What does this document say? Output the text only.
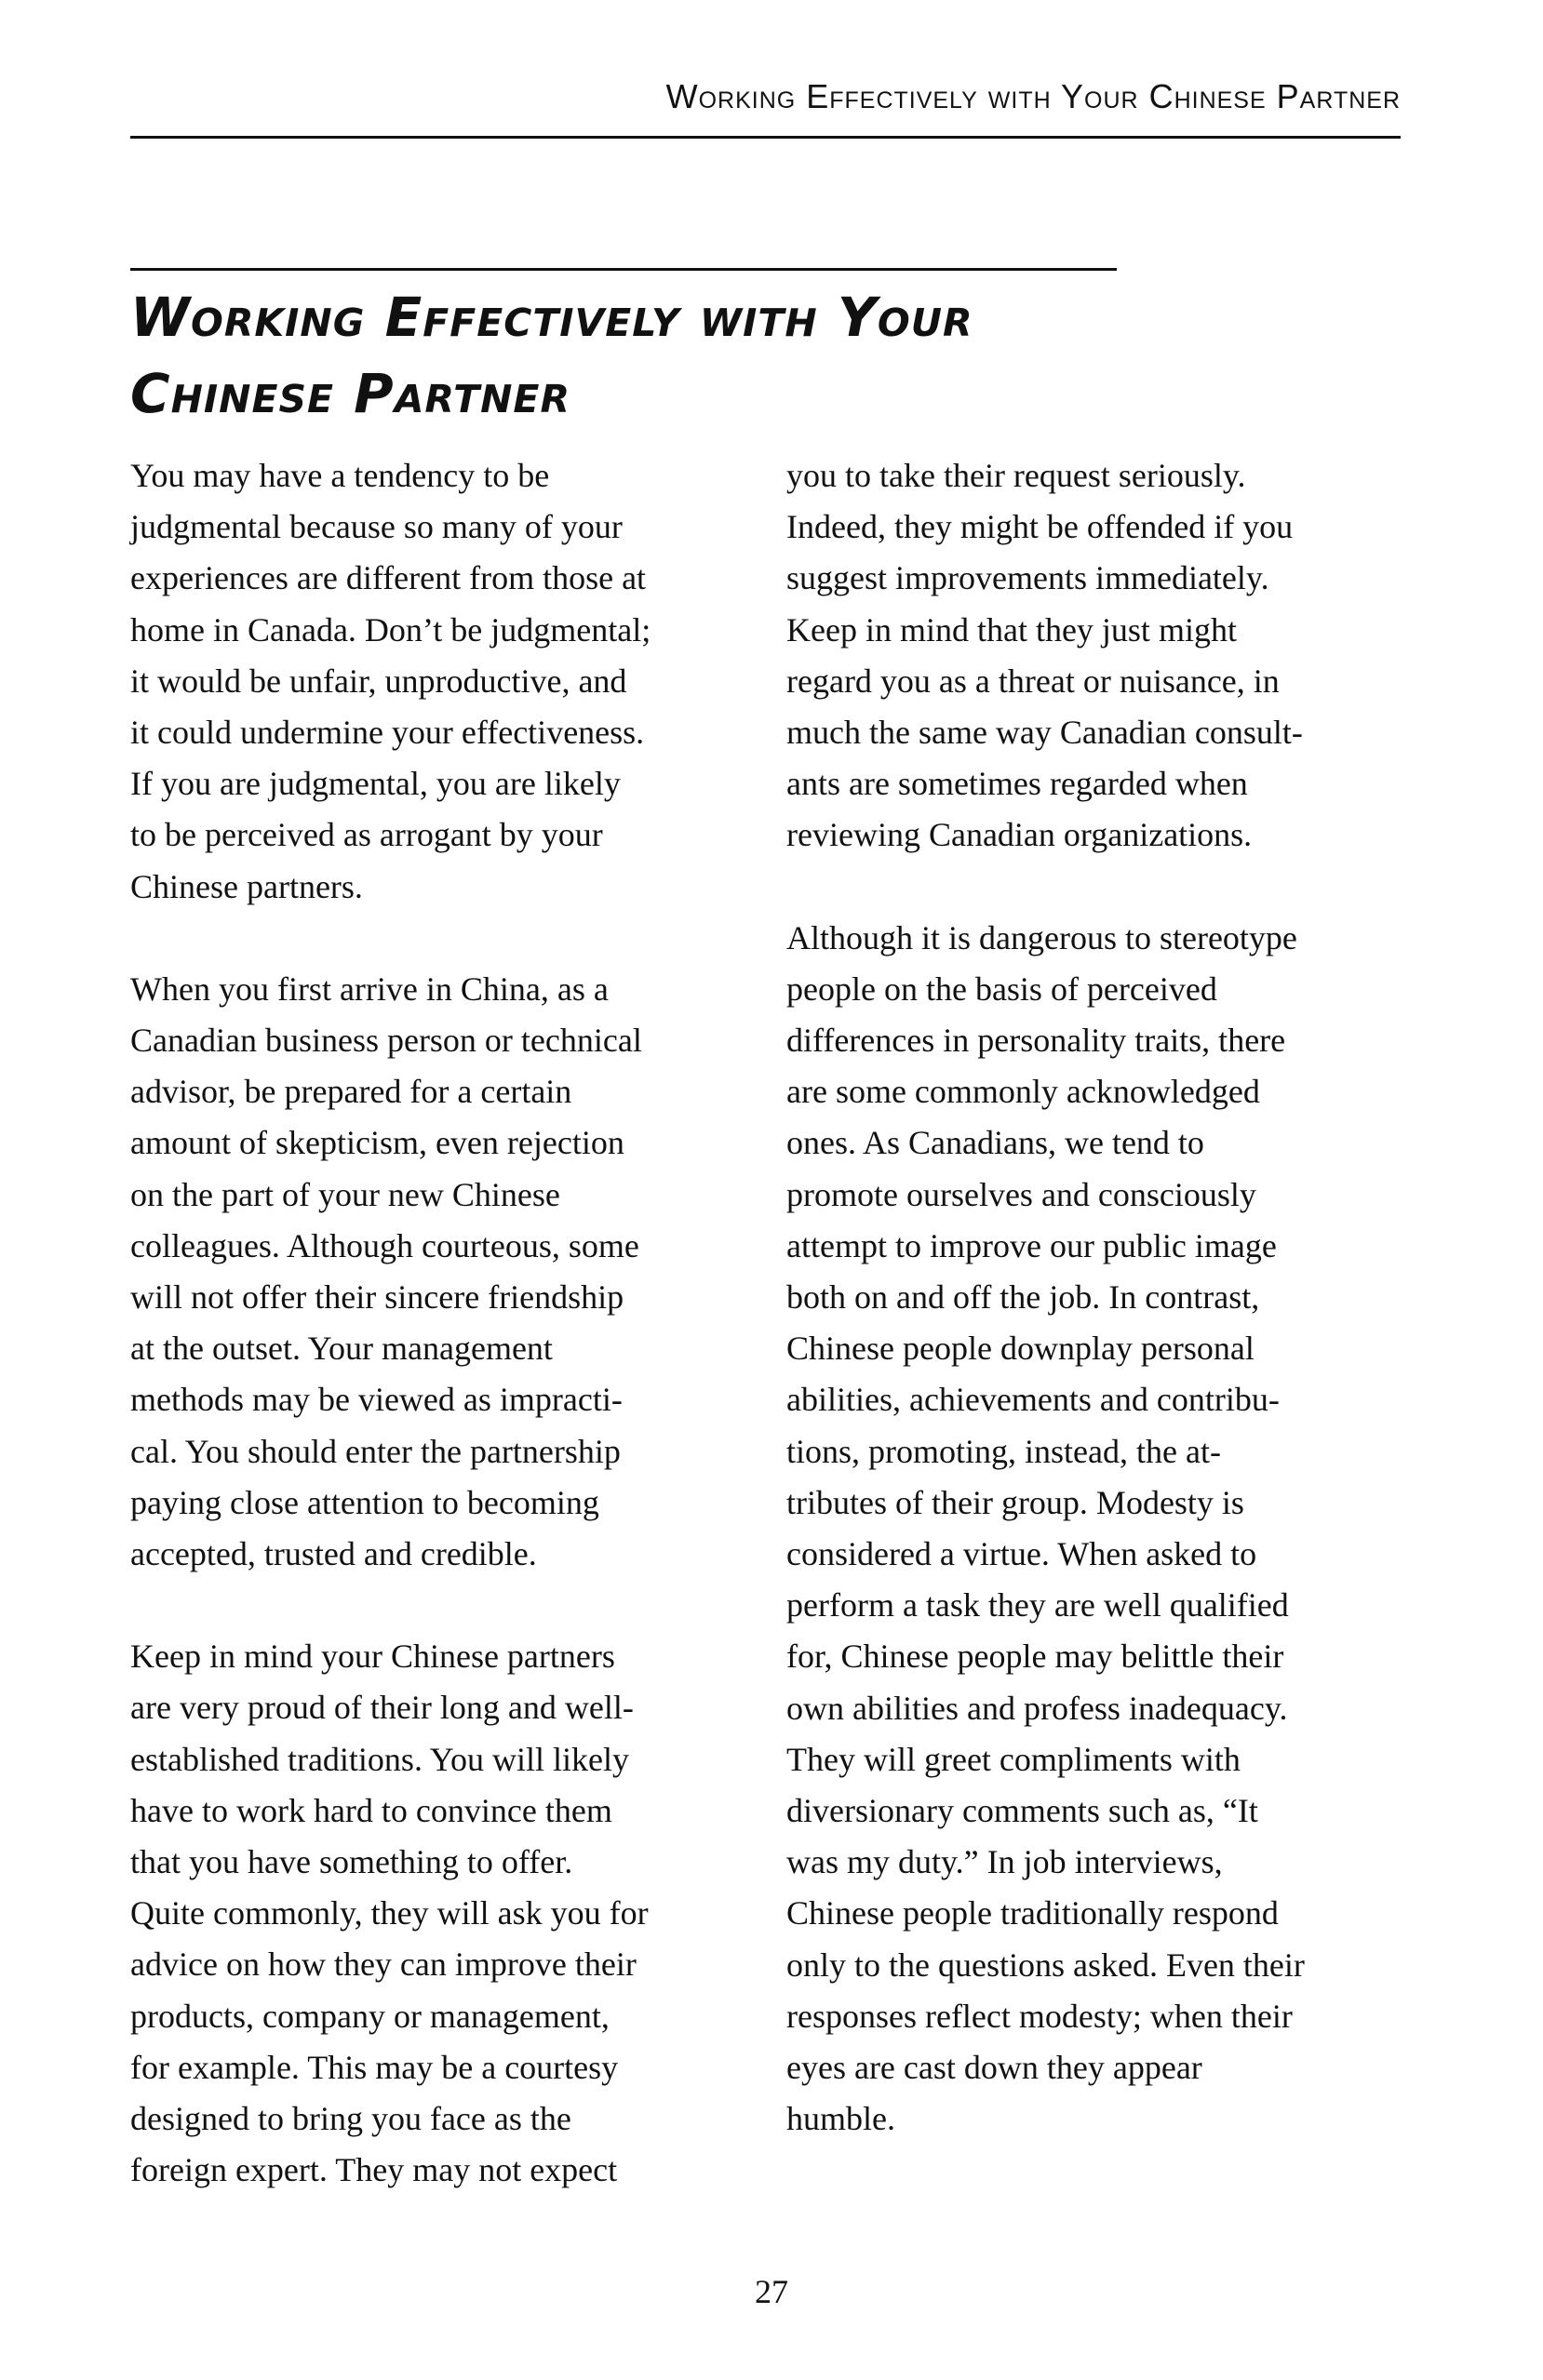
Working Effectively with Your Chinese Partner
Working Effectively with Your
Chinese Partner

You may have a tendency to be
judgmental because so many of your
experiences are different from those at
home in Canada. Don’t be judgmental;
it would be unfair, unproductive, and
it could undermine your effectiveness.
If you are judgmental, you are likely
to be perceived as arrogant by your
Chinese partners.

When you first arrive in China, as a
Canadian business person or technical
advisor, be prepared for a certain
amount of skepticism, even rejection
on the part of your new Chinese
colleagues. Although courteous, some
will not offer their sincere friendship
at the outset. Your management
methods may be viewed as impracti-
cal. You should enter the partnership
paying close attention to becoming
accepted, trusted and credible.

Keep in mind your Chinese partners
are very proud of their long and well-
established traditions. You will likely
have to work hard to convince them
that you have something to offer.
Quite commonly, they will ask you for
advice on how they can improve their
products, company or management,
for example. This may be a courtesy
designed to bring you face as the
foreign expert. They may not expect

you to take their request seriously.
Indeed, they might be offended if you
suggest improvements immediately.
Keep in mind that they just might
regard you as a threat or nuisance, in
much the same way Canadian consult-
ants are sometimes regarded when
reviewing Canadian organizations.

Although it is dangerous to stereotype
people on the basis of perceived
differences in personality traits, there
are some commonly acknowledged
ones. As Canadians, we tend to
promote ourselves and consciously
attempt to improve our public image
both on and off the job. In contrast,
Chinese people downplay personal
abilities, achievements and contribu-
tions, promoting, instead, the at-
tributes of their group. Modesty is
considered a virtue. When asked to
perform a task they are well qualified
for, Chinese people may belittle their
own abilities and profess inadequacy.
They will greet compliments with
diversionary comments such as, “It
was my duty.” In job interviews,
Chinese people traditionally respond
only to the questions asked. Even their
responses reflect modesty; when their
eyes are cast down they appear
humble.

27
